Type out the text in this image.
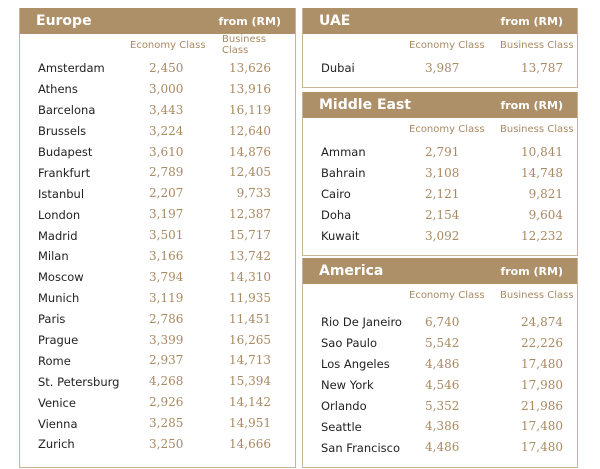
Europe	from (RM)
Economy Class Business Class
Amsterdam	2,450	13,626
Athens	3,000	13,916
Barcelona	3,443	16,119
Brussels	3,224	12,640
Budapest	3,610	14,876
Frankfurt	2,789	12,405
Istanbul	2,207	9,733
London	3,197	12,387
Madrid	3,501	15,717
Milan	3,166	13,742
Moscow	3,794	14,310
Munich	3,119	11,935
Paris	2,786	11,451
Prague	3,399	16,265
Rome	2,937	14,713
St. Petersburg	4,268	15,394
Venice	2,926	14,142
Vienna	3,285	14,951
Zurich	3,250	14,666
UAE	from (RM)
Economy Class Business Class
Dubai	3,987	13,787
Middle East	from (RM)
Economy Class Business Class
Amman	2,791	10,841
Bahrain	3,108	14,748
Cairo	2,121	9,821
Doha	2,154	9,604
Kuwait	3,092	12,232
America	from (RM)
Economy Class Business Class
Rio De Janeiro	6,740	24,874
Sao Paulo	5,542	22,226
Los Angeles	4,486	17,480
New York	4,546	17,980
Orlando	5,352	21,986
Seattle	4,386	17,480
San Francisco	4,486	17,480
